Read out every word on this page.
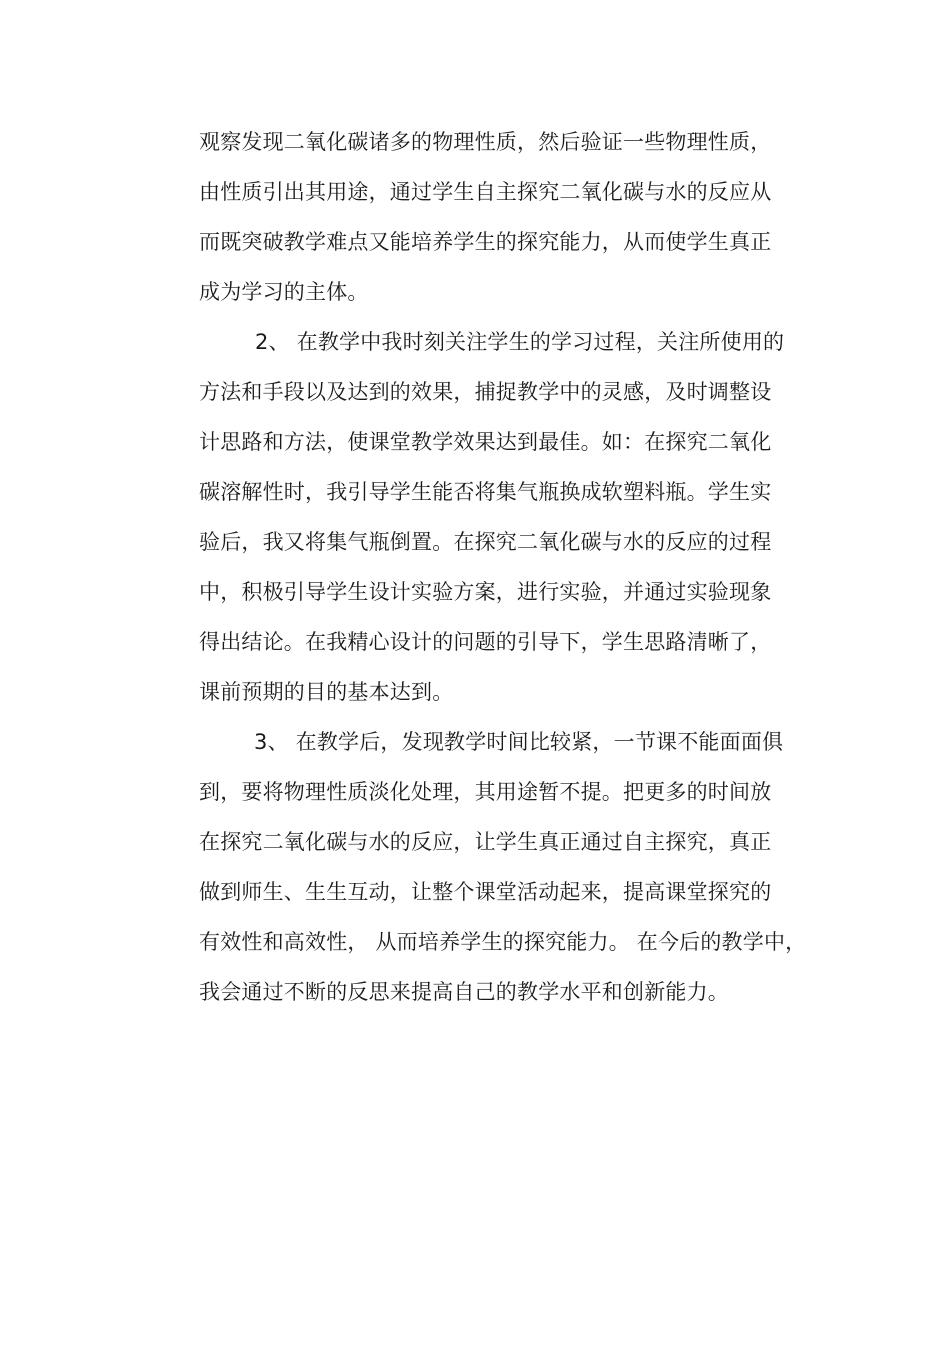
观察发现二氧化碳诸多的物理性质，然后验证一些物理性质，
由性质引出其用途，通过学生自主探究二氧化碳与水的反应从
而既突破教学难点又能培养学生的探究能力，从而使学生真正
成为学习的主体。
2、 在教学中我时刻关注学生的学习过程，关注所使用的
方法和手段以及达到的效果，捕捉教学中的灵感，及时调整设
计思路和方法，使课堂教学效果达到最佳。如：在探究二氧化
碳溶解性时，我引导学生能否将集气瓶换成软塑料瓶。学生实
验后，我又将集气瓶倒置。在探究二氧化碳与水的反应的过程
中，积极引导学生设计实验方案，进行实验，并通过实验现象
得出结论。在我精心设计的问题的引导下，学生思路清晰了，
课前预期的目的基本达到。
3、 在教学后，发现教学时间比较紧，一节课不能面面俱
到，要将物理性质淡化处理，其用途暂不提。把更多的时间放
在探究二氧化碳与水的反应，让学生真正通过自主探究，真正
做到师生、生生互动，让整个课堂活动起来，提高课堂探究的
有效性和高效性， 从而培养学生的探究能力。 在今后的教学中，
我会通过不断的反思来提高自己的教学水平和创新能力。
